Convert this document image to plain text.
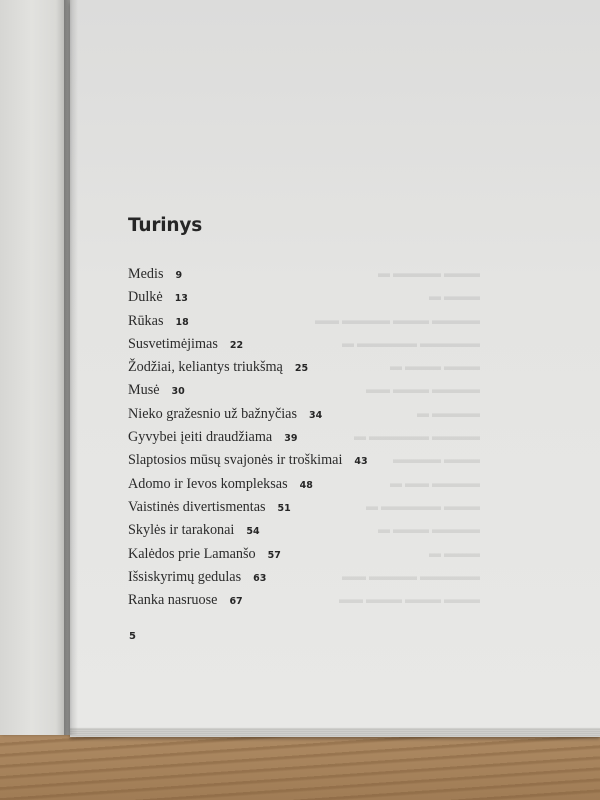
▬▬▬ ▬▬▬▬ ▬
▬▬▬ ▬
▬▬▬▬ ▬▬▬ ▬▬▬▬ ▬▬
▬▬▬▬▬ ▬▬▬▬▬ ▬
▬▬▬ ▬▬▬ ▬
▬▬▬▬ ▬▬▬ ▬▬
▬▬▬▬ ▬
▬▬▬▬ ▬▬▬▬▬ ▬
▬▬▬ ▬▬▬▬
▬▬▬▬ ▬▬ ▬
▬▬▬ ▬▬▬▬▬ ▬
▬▬▬▬ ▬▬▬ ▬
▬▬▬ ▬
▬▬▬▬▬ ▬▬▬▬ ▬▬
▬▬▬ ▬▬▬ ▬▬▬ ▬▬
Turinys
Medis 9
Dulkė 13
Rūkas 18
Susvetimėjimas 22
Žodžiai, keliantys triukšmą 25
Musė 30
Nieko gražesnio už bažnyčias 34
Gyvybei įeiti draudžiama 39
Slaptosios mūsų svajonės ir troškimai 43
Adomo ir Ievos kompleksas 48
Vaistinės divertismentas 51
Skylės ir tarakonai 54
Kalėdos prie Lamanšo 57
Išsiskyrimų gedulas 63
Ranka nasruose 67
5
